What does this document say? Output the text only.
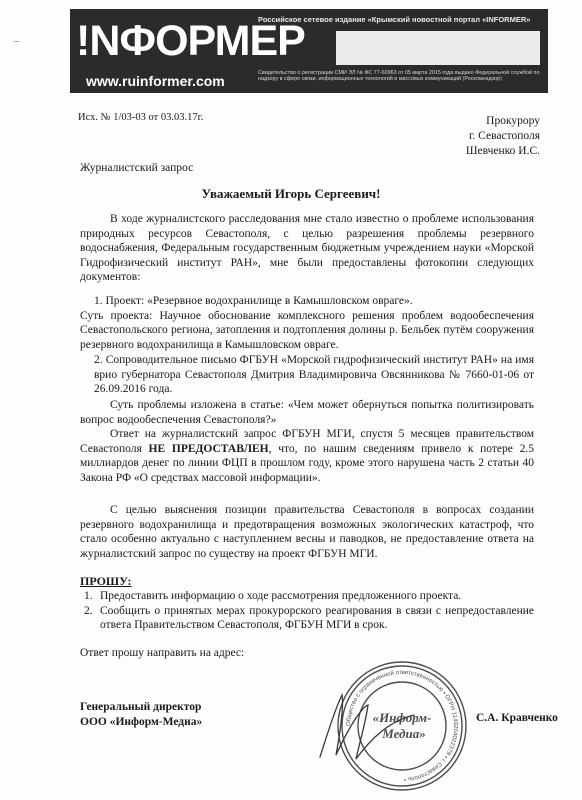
– !NФОРМЕР
www.ruinformer.com
Российское сетевое издание «Крымский новостной портал «INFORMER»
Свидетельство о регистрации СМИ ЭЛ № ФС 77-60963 от 05 марта 2015 года выдано Федеральной службой по надзору в сфере связи, информационных технологий и массовых коммуникаций (Роскомнадзор)
Исх. № 1/03-03 от 03.03.17г.	Прокурору
г. Севастополя
Шевченко И.С.
Журналистский запрос
Уважаемый Игорь Сергеевич!
В ходе журналистского расследования мне стало известно о проблеме использования природных ресурсов Севастополя, с целью разрешения проблемы резервного водоснабжения, Федеральным государственным бюджетным учреждением науки «Морской Гидрофизический институт РАН», мне были предоставлены фотокопии следующих документов:
1. Проект: «Резервное водохранилище в Камышловском овраге».
Суть проекта: Научное обоснование комплексного решения проблем водообеспечения Севастопольского региона, затопления и подтопления долины р. Бельбек путём сооружения резервного водохранилища в Камышловском овраге.
2. Сопроводительное письмо ФГБУН «Морской гидрофизический институт РАН» на имя врио губернатора Севастополя Дмитрия Владимировича Овсянникова № 7660-01-06 от 26.09.2016 года.
Суть проблемы изложена в статье: «Чем может обернуться попытка политизировать вопрос водообеспечения Севастополя?»
Ответ на журналистский запрос ФГБУН МГИ, спустя 5 месяцев правительством Севастополя НЕ ПРЕДОСТАВЛЕН, что, по нашим сведениям привело к потере 2.5 миллиардов денег по линии ФЦП в прошлом году, кроме этого нарушена часть 2 статьи 40 Закона РФ «О средствах массовой информации».
С целью выяснения позиции правительства Севастополя в вопросах создании резервного водохранилища и предотвращения возможных экологических катастроф, что стало особенно актуально с наступлением весны и паводков, не предоставление ответа на журналистский запрос по существу на проект ФГБУН МГИ.
ПРОШУ:
1. Предоставить информацию о ходе рассмотрения предложенного проекта.
2. Сообщить о принятых мерах прокурорского реагирования в связи с непредоставление ответа Правительством Севастополя, ФГБУН МГИ в срок.
Ответ прошу направить на адрес:
Общество с ограниченной ответственностью • ОГРН 1149204022379 • г. Севастополь •
«Информ-
Медиа»
Генеральный директор
ООО «Информ-Медиа»	С.А. Кравченко
